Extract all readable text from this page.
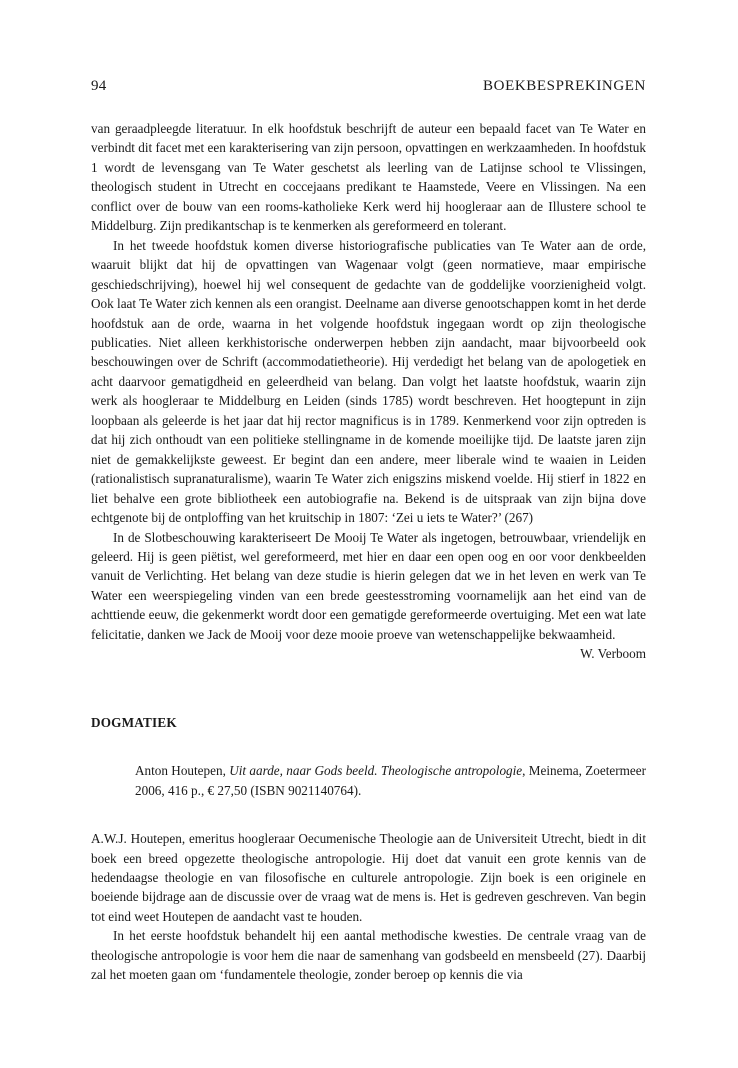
94	BOEKBESPREKINGEN

van geraadpleegde literatuur. In elk hoofdstuk beschrijft de auteur een bepaald facet van Te Water en verbindt dit facet met een karakterisering van zijn persoon, opvattingen en werkzaamheden. In hoofdstuk 1 wordt de levensgang van Te Water geschetst als leerling van de Latijnse school te Vlissingen, theologisch student in Utrecht en coccejaans predikant te Haamstede, Veere en Vlissingen. Na een conflict over de bouw van een rooms-katholieke Kerk werd hij hoogleraar aan de Illustere school te Middelburg. Zijn predikantschap is te kenmerken als gereformeerd en tolerant.

In het tweede hoofdstuk komen diverse historiografische publicaties van Te Water aan de orde, waaruit blijkt dat hij de opvattingen van Wagenaar volgt (geen normatieve, maar empirische geschiedschrijving), hoewel hij wel consequent de gedachte van de goddelijke voorzienigheid volgt. Ook laat Te Water zich kennen als een orangist. Deelname aan diverse genootschappen komt in het derde hoofdstuk aan de orde, waarna in het volgende hoofdstuk ingegaan wordt op zijn theologische publicaties. Niet alleen kerkhistorische onderwerpen hebben zijn aandacht, maar bijvoorbeeld ook beschouwingen over de Schrift (accommodatietheorie). Hij verdedigt het belang van de apologetiek en acht daarvoor gematigdheid en geleerdheid van belang. Dan volgt het laatste hoofdstuk, waarin zijn werk als hoogleraar te Middelburg en Leiden (sinds 1785) wordt beschreven. Het hoogtepunt in zijn loopbaan als geleerde is het jaar dat hij rector magnificus is in 1789. Kenmerkend voor zijn optreden is dat hij zich onthoudt van een politieke stellingname in de komende moeilijke tijd. De laatste jaren zijn niet de gemakkelijkste geweest. Er begint dan een andere, meer liberale wind te waaien in Leiden (rationalistisch supranaturalisme), waarin Te Water zich enigszins miskend voelde. Hij stierf in 1822 en liet behalve een grote bibliotheek een autobiografie na. Bekend is de uitspraak van zijn bijna dove echtgenote bij de ontploffing van het kruitschip in 1807: ‘Zei u iets te Water?’ (267)

In de Slotbeschouwing karakteriseert De Mooij Te Water als ingetogen, betrouwbaar, vriendelijk en geleerd. Hij is geen piëtist, wel gereformeerd, met hier en daar een open oog en oor voor denkbeelden vanuit de Verlichting. Het belang van deze studie is hierin gelegen dat we in het leven en werk van Te Water een weerspiegeling vinden van een brede geestesstroming voornamelijk aan het eind van de achttiende eeuw, die gekenmerkt wordt door een gematigde gereformeerde overtuiging. Met een wat late felicitatie, danken we Jack de Mooij voor deze mooie proeve van wetenschappelijke bekwaamheid.

W. Verboom
DOGMATIEK
Anton Houtepen, Uit aarde, naar Gods beeld. Theologische antropologie, Meinema, Zoetermeer 2006, 416 p., € 27,50 (ISBN 9021140764).

A.W.J. Houtepen, emeritus hoogleraar Oecumenische Theologie aan de Universiteit Utrecht, biedt in dit boek een breed opgezette theologische antropologie. Hij doet dat vanuit een grote kennis van de hedendaagse theologie en van filosofische en culturele antropologie. Zijn boek is een originele en boeiende bijdrage aan de discussie over de vraag wat de mens is. Het is gedreven geschreven. Van begin tot eind weet Houtepen de aandacht vast te houden.

In het eerste hoofdstuk behandelt hij een aantal methodische kwesties. De centrale vraag van de theologische antropologie is voor hem die naar de samenhang van godsbeeld en mensbeeld (27). Daarbij zal het moeten gaan om ‘fundamentele theologie, zonder beroep op kennis die via
